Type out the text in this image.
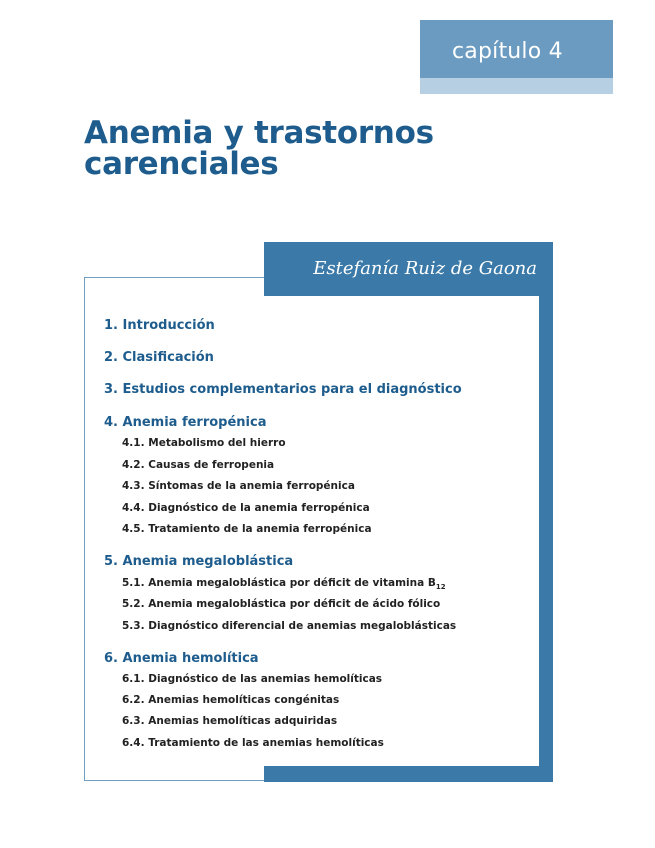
capítulo 4
Anemia y trastornos
carenciales
Estefanía Ruiz de Gaona
1. Introducción
2. Clasificación
3. Estudios complementarios para el diagnóstico
4. Anemia ferropénica
4.1. Metabolismo del hierro
4.2. Causas de ferropenia
4.3. Síntomas de la anemia ferropénica
4.4. Diagnóstico de la anemia ferropénica
4.5. Tratamiento de la anemia ferropénica
5. Anemia megaloblástica
5.1. Anemia megaloblástica por déficit de vitamina $B_{12}$
5.2. Anemia megaloblástica por déficit de ácido fólico
5.3. Diagnóstico diferencial de anemias megaloblásticas
6. Anemia hemolítica
6.1. Diagnóstico de las anemias hemolíticas
6.2. Anemias hemolíticas congénitas
6.3. Anemias hemolíticas adquiridas
6.4. Tratamiento de las anemias hemolíticas
